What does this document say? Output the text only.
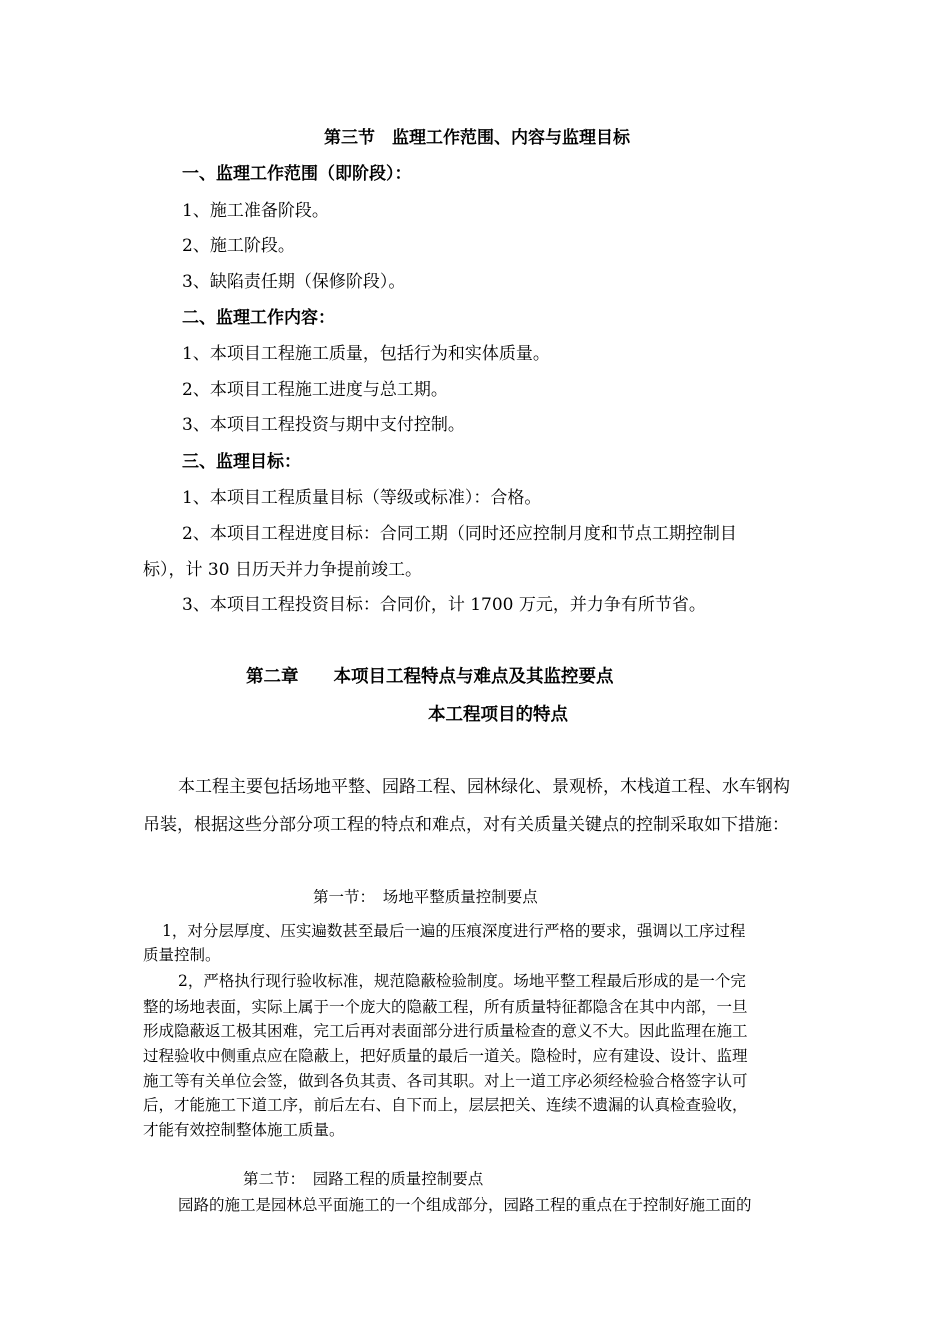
第三节　监理工作范围、内容与监理目标
一、监理工作范围（即阶段）：
1、施工准备阶段。
2、施工阶段。
3、缺陷责任期（保修阶段）。
二、监理工作内容：
1、本项目工程施工质量，包括行为和实体质量。
2、本项目工程施工进度与总工期。
3、本项目工程投资与期中支付控制。
三、监理目标：
1、本项目工程质量目标（等级或标准）：合格。
2、本项目工程进度目标：合同工期（同时还应控制月度和节点工期控制目
标），计 30 日历天并力争提前竣工。
3、本项目工程投资目标：合同价，计 1700 万元，并力争有所节省。
第二章　　本项目工程特点与难点及其监控要点
本工程项目的特点
本工程主要包括场地平整、园路工程、园林绿化、景观桥，木栈道工程、水车钢构
吊装，根据这些分部分项工程的特点和难点，对有关质量关键点的控制采取如下措施：
第一节：　场地平整质量控制要点
1，对分层厚度、压实遍数甚至最后一遍的压痕深度进行严格的要求，强调以工序过程
质量控制。
2，严格执行现行验收标准，规范隐蔽检验制度。场地平整工程最后形成的是一个完
整的场地表面，实际上属于一个庞大的隐蔽工程，所有质量特征都隐含在其中内部，一旦
形成隐蔽返工极其困难，完工后再对表面部分进行质量检查的意义不大。因此监理在施工
过程验收中侧重点应在隐蔽上，把好质量的最后一道关。隐检时，应有建设、设计、监理
施工等有关单位会签，做到各负其责、各司其职。对上一道工序必须经检验合格签字认可
后，才能施工下道工序，前后左右、自下而上，层层把关、连续不遗漏的认真检查验收，
才能有效控制整体施工质量。
第二节：　园路工程的质量控制要点
园路的施工是园林总平面施工的一个组成部分，园路工程的重点在于控制好施工面的
